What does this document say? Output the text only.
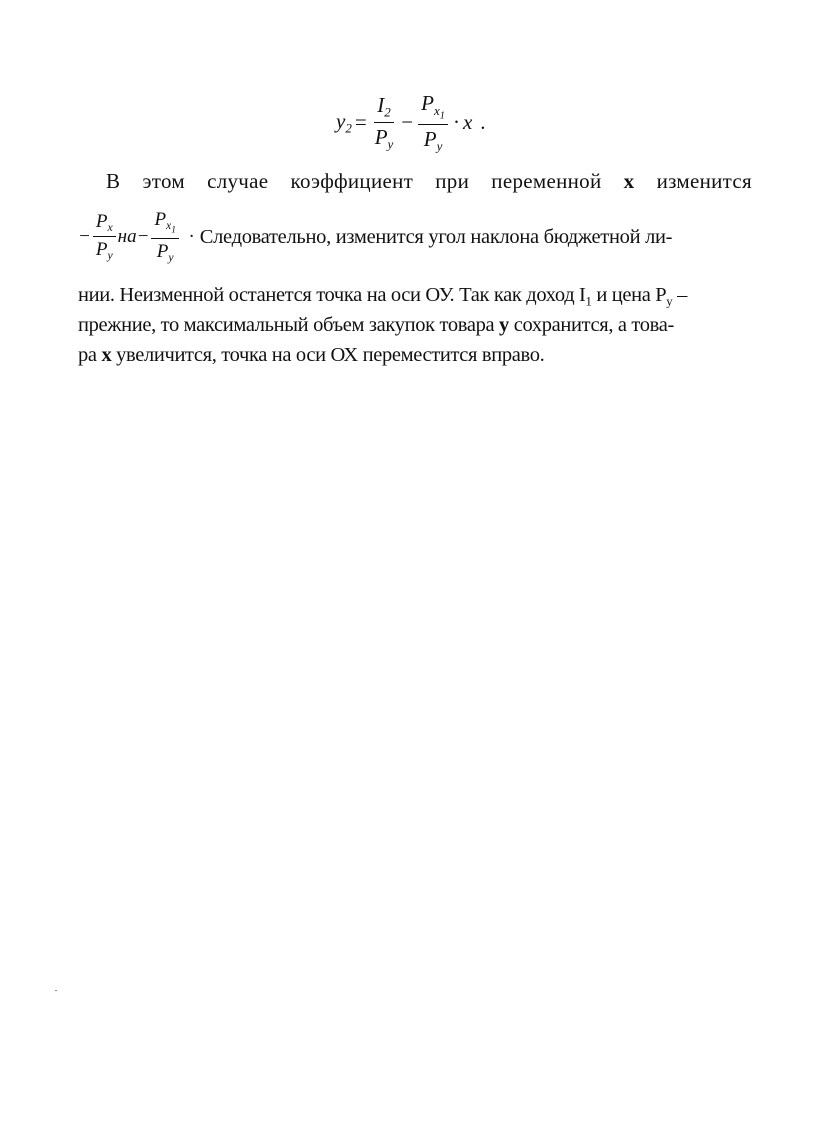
$y_2 = \frac{I_2}{P_y} - \frac{P_{x_1}}{P_y} \cdot x$ .
В этом случае коэффициент при переменной x изменится
− $\frac{P_x}{P_y}$ на − $\frac{P_{x_1}}{P_y}$ · Следовательно, изменится угол наклона бюджетной ли-
нии. Неизменной останется точка на оси ОУ. Так как доход $I_1$ и цена $P_y$ –
прежние, то максимальный объем закупок товара y сохранится, а това-
ра x увеличится, точка на оси ОХ переместится вправо.
